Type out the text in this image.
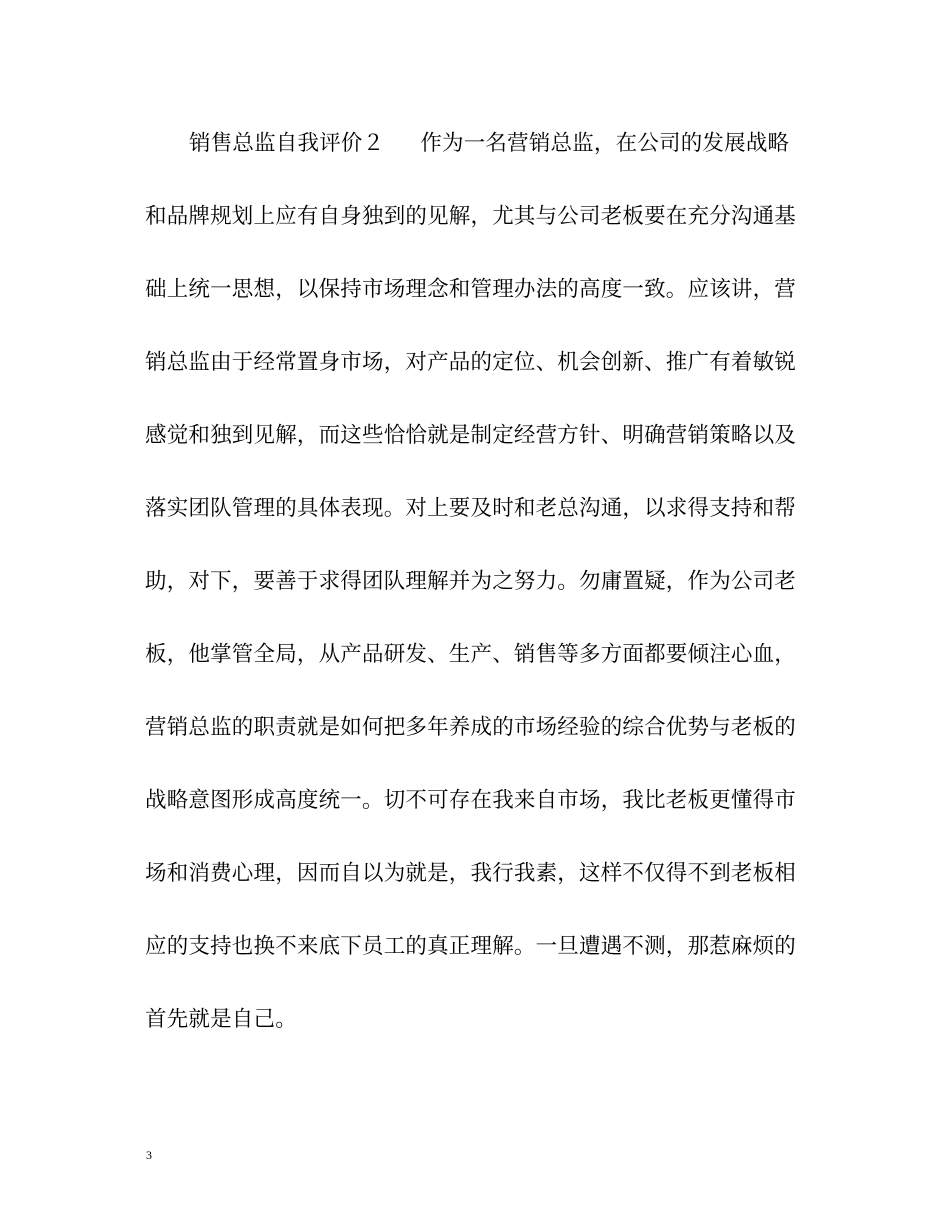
销售总监自我评价２ 作为一名营销总监，在公司的发展战略
和品牌规划上应有自身独到的见解，尤其与公司老板要在充分沟通基
础上统一思想，以保持市场理念和管理办法的高度一致。应该讲，营
销总监由于经常置身市场，对产品的定位、机会创新、推广有着敏锐
感觉和独到见解，而这些恰恰就是制定经营方针、明确营销策略以及
落实团队管理的具体表现。对上要及时和老总沟通，以求得支持和帮
助，对下，要善于求得团队理解并为之努力。勿庸置疑，作为公司老
板，他掌管全局，从产品研发、生产、销售等多方面都要倾注心血，
营销总监的职责就是如何把多年养成的市场经验的综合优势与老板的
战略意图形成高度统一。切不可存在我来自市场，我比老板更懂得市
场和消费心理，因而自以为就是，我行我素，这样不仅得不到老板相
应的支持也换不来底下员工的真正理解。一旦遭遇不测，那惹麻烦的
首先就是自己。
3
